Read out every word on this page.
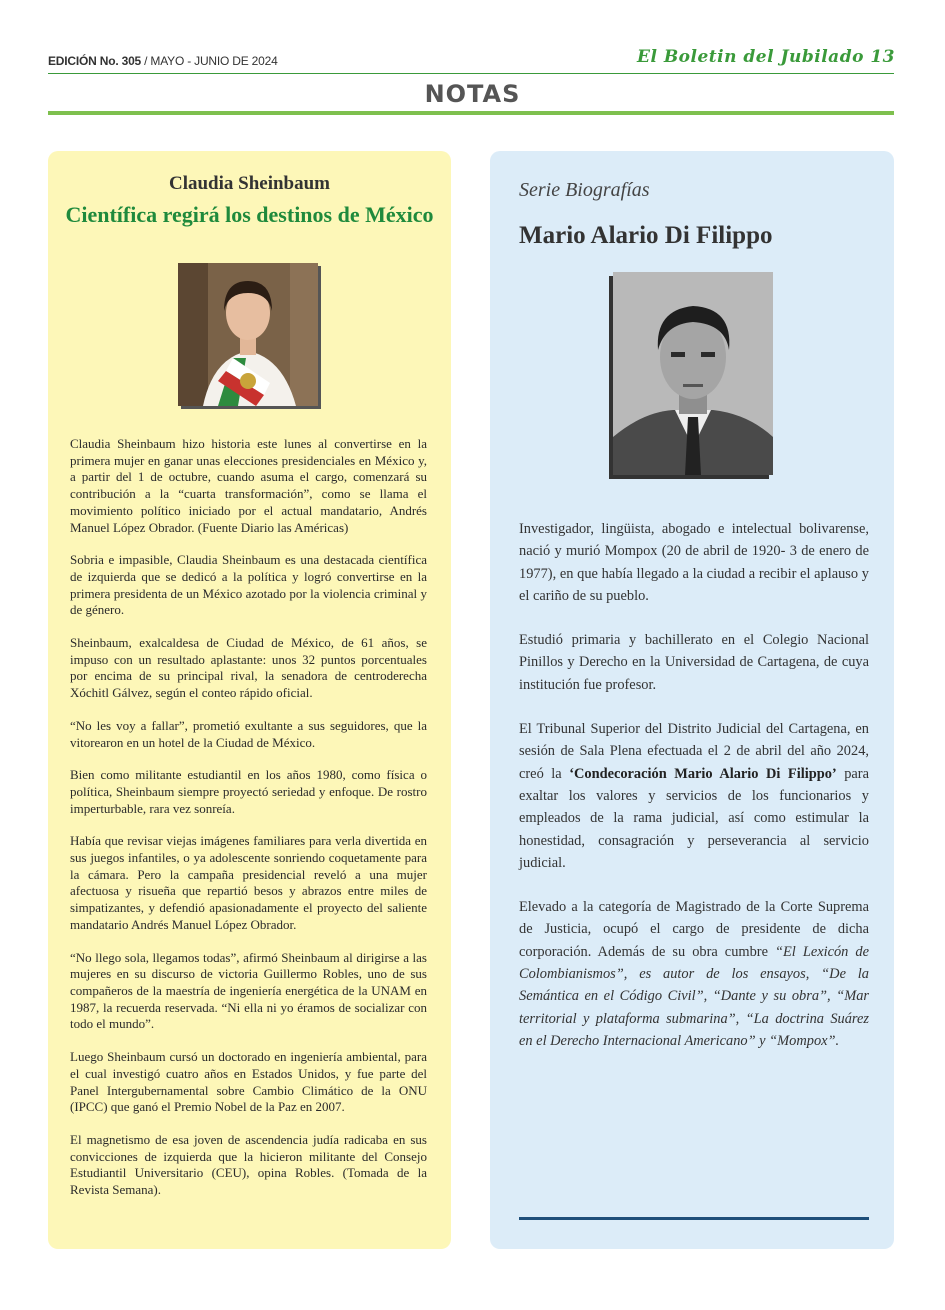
EDICIÓN No. 305 / MAYO - JUNIO DE 2024	El Boletin del Jubilado 13
NOTAS
Claudia Sheinbaum
Científica regirá los destinos de México

Claudia Sheinbaum hizo historia este lunes al convertirse en la primera mujer en ganar unas elecciones presidenciales en México y, a partir del 1 de octubre, cuando asuma el cargo, comenzará su contribución a la “cuarta transformación”, como se llama el movimiento político iniciado por el actual mandatario, Andrés Manuel López Obrador. (Fuente Diario las Américas)

Sobria e impasible, Claudia Sheinbaum es una destacada científica de izquierda que se dedicó a la política y logró convertirse en la primera presidenta de un México azotado por la violencia criminal y de género.

Sheinbaum, exalcaldesa de Ciudad de México, de 61 años, se impuso con un resultado aplastante: unos 32 puntos porcentuales por encima de su principal rival, la senadora de centroderecha Xóchitl Gálvez, según el conteo rápido oficial.

“No les voy a fallar”, prometió exultante a sus seguidores, que la vitorearon en un hotel de la Ciudad de México.

Bien como militante estudiantil en los años 1980, como física o política, Sheinbaum siempre proyectó seriedad y enfoque. De rostro imperturbable, rara vez sonreía.

Había que revisar viejas imágenes familiares para verla divertida en sus juegos infantiles, o ya adolescente sonriendo coquetamente para la cámara. Pero la campaña presidencial reveló a una mujer afectuosa y risueña que repartió besos y abrazos entre miles de simpatizantes, y defendió apasionadamente el proyecto del saliente mandatario Andrés Manuel López Obrador.

“No llego sola, llegamos todas”, afirmó Sheinbaum al dirigirse a las mujeres en su discurso de victoria Guillermo Robles, uno de sus compañeros de la maestría de ingeniería energética de la UNAM en 1987, la recuerda reservada. “Ni ella ni yo éramos de socializar con todo el mundo”.

Luego Sheinbaum cursó un doctorado en ingeniería ambiental, para el cual investigó cuatro años en Estados Unidos, y fue parte del Panel Intergubernamental sobre Cambio Climático de la ONU (IPCC) que ganó el Premio Nobel de la Paz en 2007.

El magnetismo de esa joven de ascendencia judía radicaba en sus convicciones de izquierda que la hicieron militante del Consejo Estudiantil Universitario (CEU), opina Robles. (Tomada de la Revista Semana).

Serie Biografías
Mario Alario Di Filippo

Investigador, lingüista, abogado e intelectual bolivarense, nació y murió Mompox (20 de abril de 1920- 3 de enero de 1977), en que había llegado a la ciudad a recibir el aplauso y el cariño de su pueblo.

Estudió primaria y bachillerato en el Colegio Nacional Pinillos y Derecho en la Universidad de Cartagena, de cuya institución fue profesor.

El Tribunal Superior del Distrito Judicial del Cartagena, en sesión de Sala Plena efectuada el 2 de abril del año 2024, creó la ‘Condecoración Mario Alario Di Filippo’ para exaltar los valores y servicios de los funcionarios y empleados de la rama judicial, así como estimular la honestidad, consagración y perseverancia al servicio judicial.

Elevado a la categoría de Magistrado de la Corte Suprema de Justicia, ocupó el cargo de presidente de dicha corporación. Además de su obra cumbre “El Lexicón de Colombianismos”, es autor de los ensayos, “De la Semántica en el Código Civil”, “Dante y su obra”, “Mar territorial y plataforma submarina”, “La doctrina Suárez en el Derecho Internacional Americano” y “Mompox”.
